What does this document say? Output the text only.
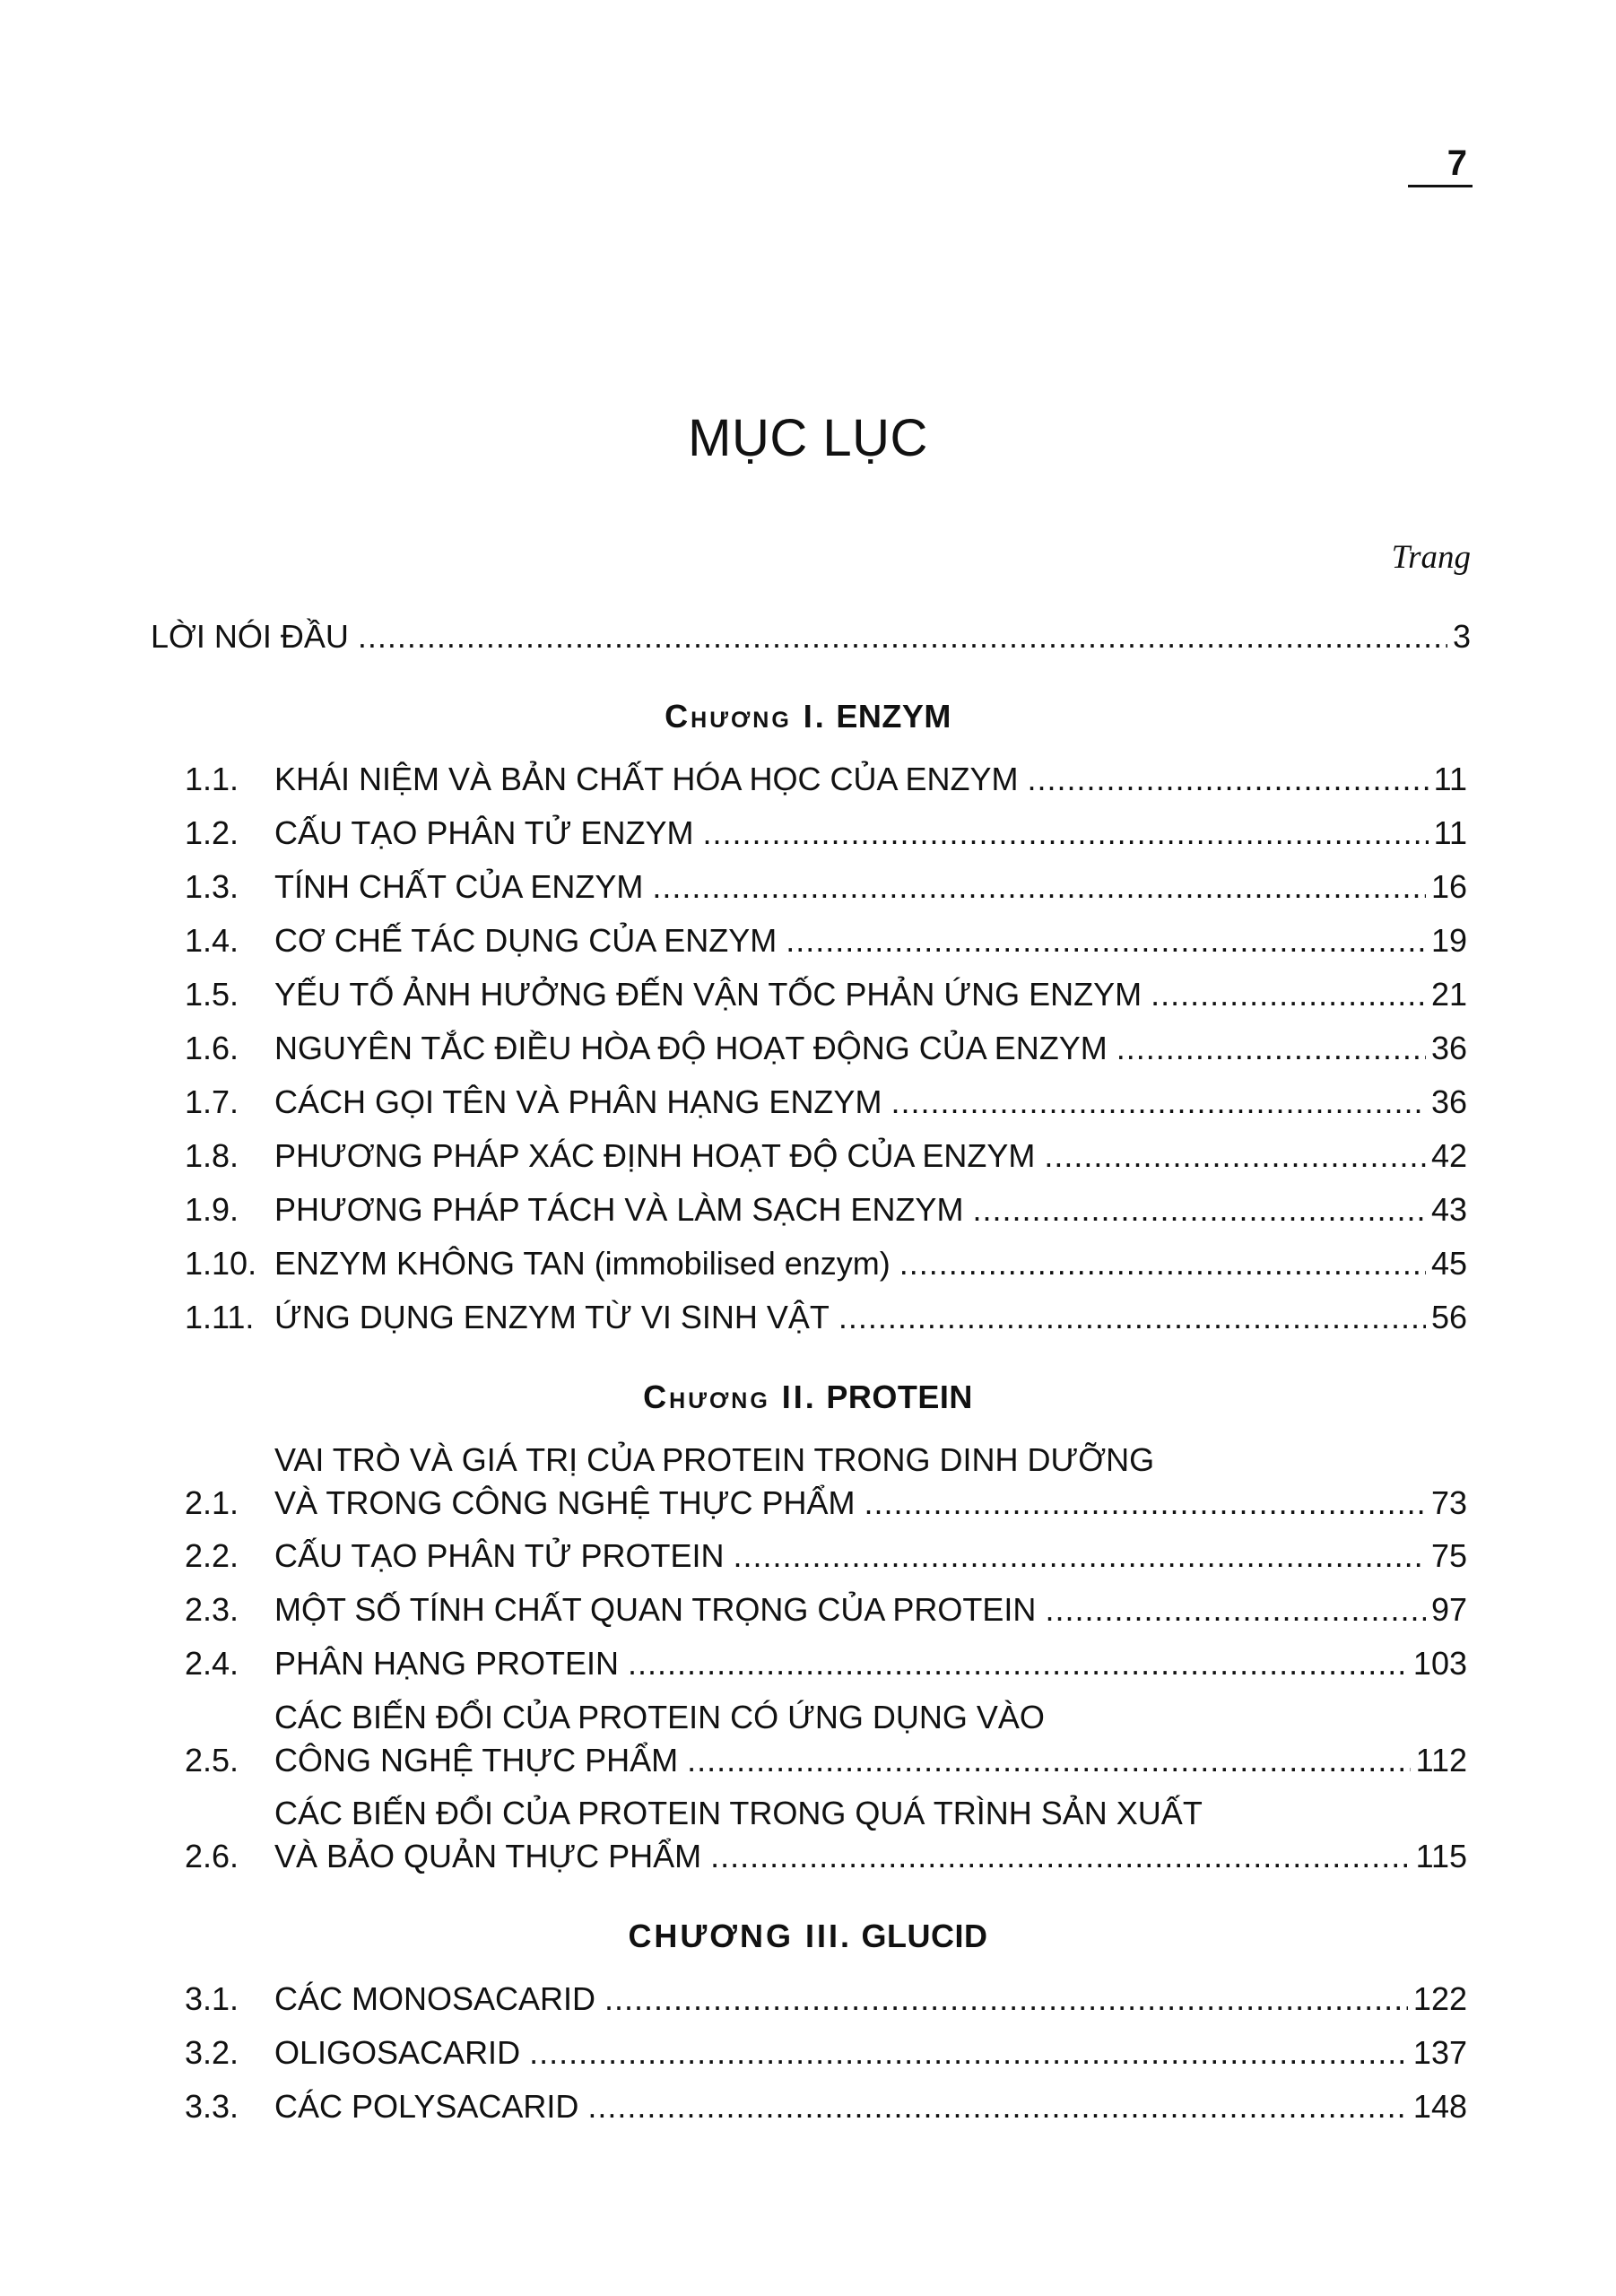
7
MỤC LỤC
Trang
LỜI NÓI ĐẦU .....	3
Chương I. ENZYM
1.1.	KHÁI NIỆM VÀ BẢN CHẤT HÓA HỌC CỦA ENZYM .....	11
1.2.	CẤU TẠO PHÂN TỬ ENZYM .....	11
1.3.	TÍNH CHẤT CỦA ENZYM .....	16
1.4.	CƠ CHẾ TÁC DỤNG CỦA ENZYM .....	19
1.5.	YẾU TỐ ẢNH HƯỞNG ĐẾN VẬN TỐC PHẢN ỨNG ENZYM .....	21
1.6.	NGUYÊN TẮC ĐIỀU HÒA ĐỘ HOẠT ĐỘNG CỦA ENZYM .....	36
1.7.	CÁCH GỌI TÊN VÀ PHÂN HẠNG ENZYM .....	36
1.8.	PHƯƠNG PHÁP XÁC ĐỊNH HOẠT ĐỘ CỦA ENZYM .....	42
1.9.	PHƯƠNG PHÁP TÁCH VÀ LÀM SẠCH ENZYM .....	43
1.10. ENZYM KHÔNG TAN (immobilised enzym) .....	45
1.11. ỨNG DỤNG ENZYM TỪ VI SINH VẬT .....	56
Chương II. PROTEIN
2.1.
VAI TRÒ VÀ GIÁ TRỊ CỦA PROTEIN TRONG DINH DƯỠNG
VÀ TRONG CÔNG NGHỆ THỰC PHẨM .....	73
2.2.	CẤU TẠO PHÂN TỬ PROTEIN .....	75
2.3.	MỘT SỐ TÍNH CHẤT QUAN TRỌNG CỦA PROTEIN .....	97
2.4.	PHÂN HẠNG PROTEIN .....	103
2.5.
CÁC BIẾN ĐỔI CỦA PROTEIN CÓ ỨNG DỤNG VÀO
CÔNG NGHỆ THỰC PHẨM .....	112
2.6.
CÁC BIẾN ĐỔI CỦA PROTEIN TRONG QUÁ TRÌNH SẢN XUẤT
VÀ BẢO QUẢN THỰC PHẨM .....	115
CHƯƠNG III. GLUCID
3.1.	CÁC MONOSACARID .....	122
3.2.	OLIGOSACARID .....	137
3.3.	CÁC POLYSACARID .....	148
